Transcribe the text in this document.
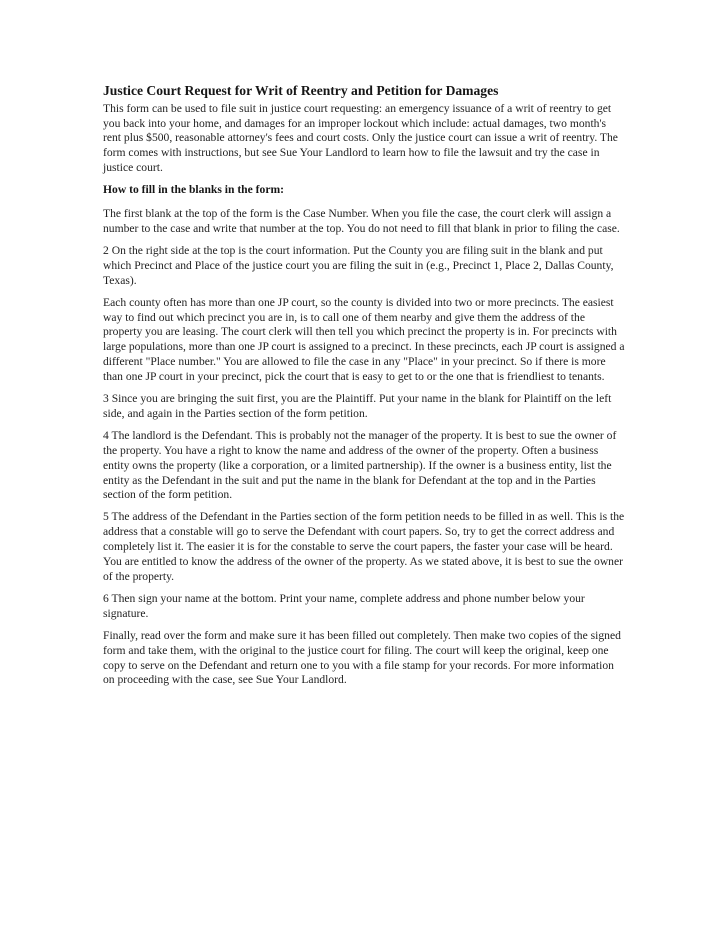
Justice Court Request for Writ of Reentry and Petition for Damages

This form can be used to file suit in justice court requesting: an emergency issuance of a writ of reentry to get you back into your home, and damages for an improper lockout which include: actual damages, two month's rent plus $500, reasonable attorney's fees and court costs. Only the justice court can issue a writ of reentry. The form comes with instructions, but see Sue Your Landlord to learn how to file the lawsuit and try the case in justice court.

How to fill in the blanks in the form:

The first blank at the top of the form is the Case Number. When you file the case, the court clerk will assign a number to the case and write that number at the top. You do not need to fill that blank in prior to filing the case.

2 On the right side at the top is the court information. Put the County you are filing suit in the blank and put which Precinct and Place of the justice court you are filing the suit in (e.g., Precinct 1, Place 2, Dallas County, Texas).

Each county often has more than one JP court, so the county is divided into two or more precincts. The easiest way to find out which precinct you are in, is to call one of them nearby and give them the address of the property you are leasing. The court clerk will then tell you which precinct the property is in. For precincts with large populations, more than one JP court is assigned to a precinct. In these precincts, each JP court is assigned a different "Place number." You are allowed to file the case in any "Place" in your precinct. So if there is more than one JP court in your precinct, pick the court that is easy to get to or the one that is friendliest to tenants.

3 Since you are bringing the suit first, you are the Plaintiff. Put your name in the blank for Plaintiff on the left side, and again in the Parties section of the form petition.

4 The landlord is the Defendant. This is probably not the manager of the property. It is best to sue the owner of the property. You have a right to know the name and address of the owner of the property. Often a business entity owns the property (like a corporation, or a limited partnership). If the owner is a business entity, list the entity as the Defendant in the suit and put the name in the blank for Defendant at the top and in the Parties section of the form petition.

5 The address of the Defendant in the Parties section of the form petition needs to be filled in as well. This is the address that a constable will go to serve the Defendant with court papers. So, try to get the correct address and completely list it. The easier it is for the constable to serve the court papers, the faster your case will be heard. You are entitled to know the address of the owner of the property. As we stated above, it is best to sue the owner of the property.

6 Then sign your name at the bottom. Print your name, complete address and phone number below your signature.

Finally, read over the form and make sure it has been filled out completely. Then make two copies of the signed form and take them, with the original to the justice court for filing. The court will keep the original, keep one copy to serve on the Defendant and return one to you with a file stamp for your records. For more information on proceeding with the case, see Sue Your Landlord.
